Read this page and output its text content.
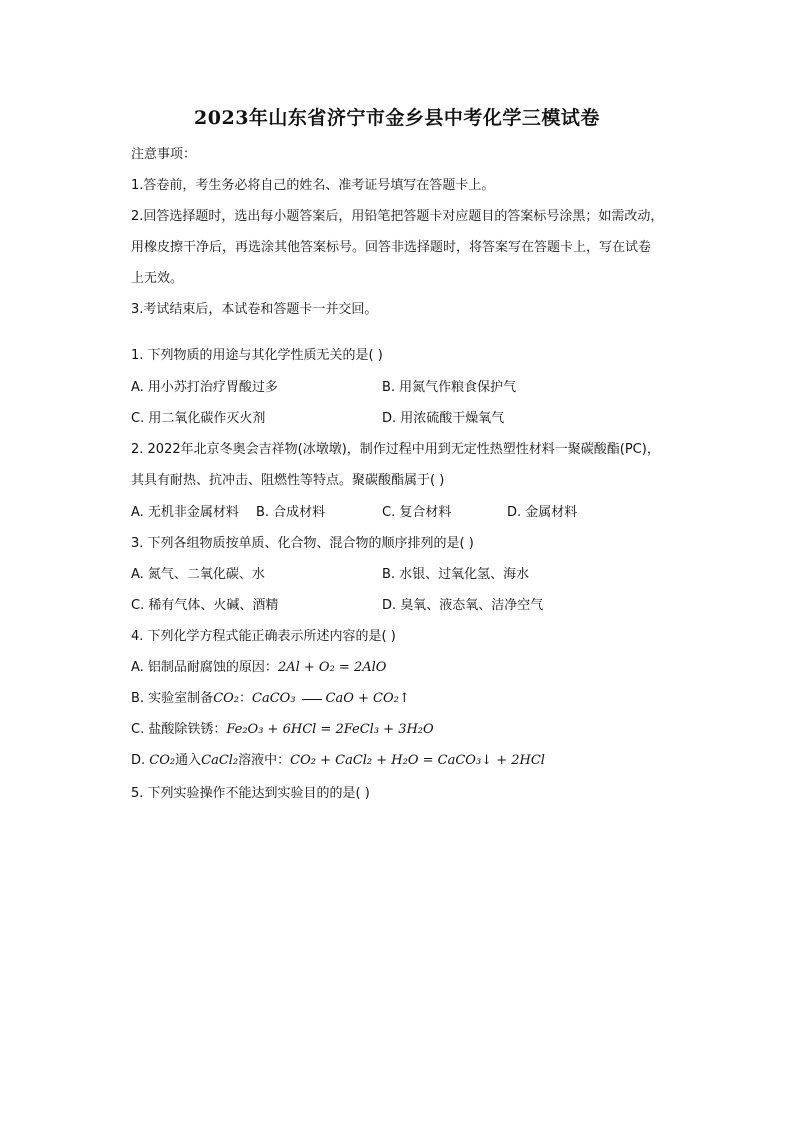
2023年山东省济宁市金乡县中考化学三模试卷
注意事项：
1.答卷前，考生务必将自己的姓名、准考证号填写在答题卡上。
2.回答选择题时，选出每小题答案后，用铅笔把答题卡对应题目的答案标号涂黑；如需改动，
用橡皮擦干净后，再选涂其他答案标号。回答非选择题时，将答案写在答题卡上，写在试卷
上无效。
3.考试结束后，本试卷和答题卡一并交回。
1. 下列物质的用途与其化学性质无关的是( )
A. 用小苏打治疗胃酸过多	B. 用氮气作粮食保护气
C. 用二氧化碳作灭火剂	D. 用浓硫酸干燥氧气
2. 2022年北京冬奥会吉祥物(冰墩墩)，制作过程中用到无定性热塑性材料一聚碳酸酯(PC)，
其具有耐热、抗冲击、阻燃性等特点。聚碳酸酯属于( )
A. 无机非金属材料 B. 合成材料	C. 复合材料	D. 金属材料
3. 下列各组物质按单质、化合物、混合物的顺序排列的是( )
A. 氮气、二氧化碳、水	B. 水银、过氧化氢、海水
C. 稀有气体、火碱、酒精	D. 臭氧、液态氧、洁净空气
4. 下列化学方程式能正确表示所述内容的是( )
A. 铝制品耐腐蚀的原因：2Al + O₂ = 2AlO
B. 实验室制备CO₂：CaCO₃ CaO + CO₂↑
C. 盐酸除铁锈：Fe₂O₃ + 6HCl = 2FeCl₃ + 3H₂O
D. CO₂通入CaCl₂溶液中：CO₂ + CaCl₂ + H₂O = CaCO₃↓ + 2HCl
5. 下列实验操作不能达到实验目的的是( )
